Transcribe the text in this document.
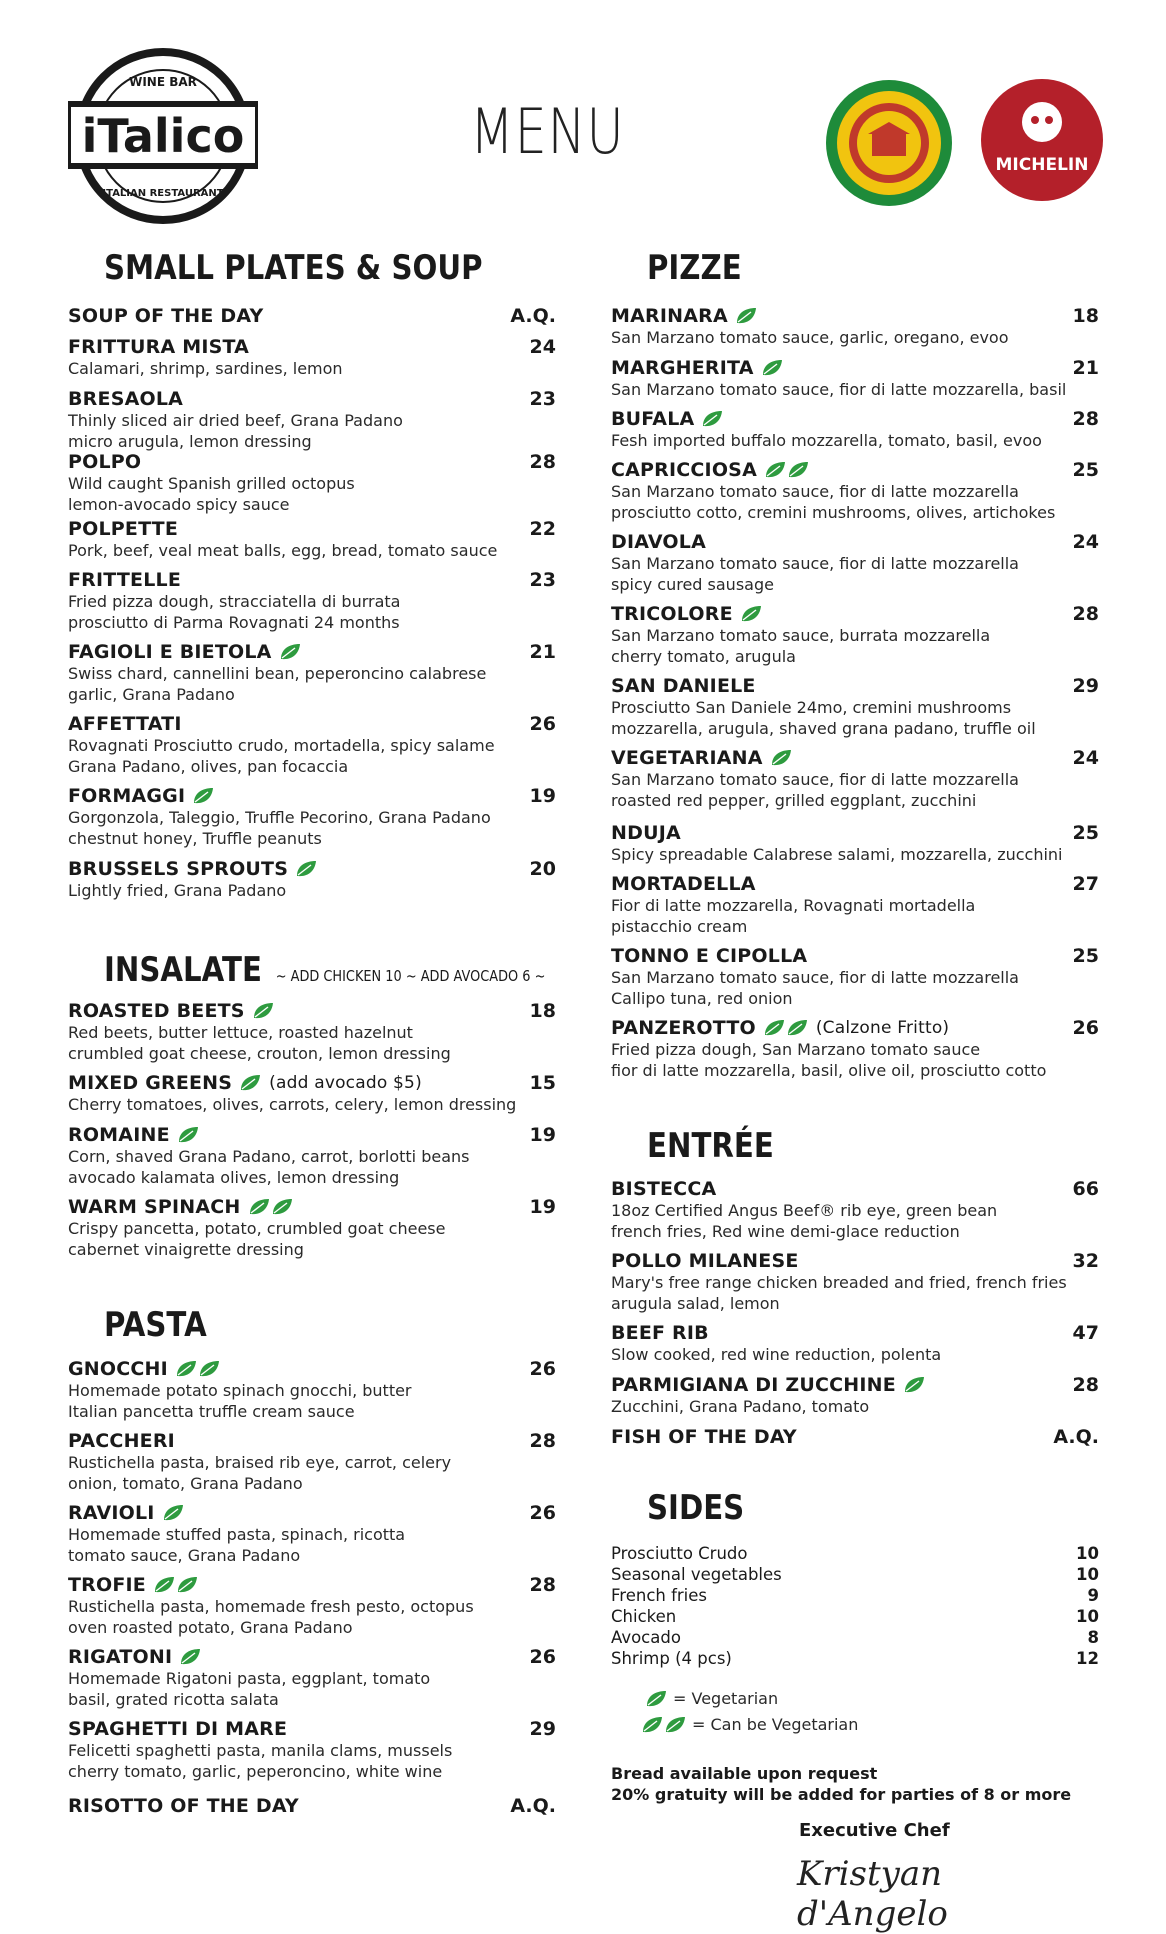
iTalico
WINE BAR
ITALIAN RESTAURANT
MENU	MICHELIN
SMALL PLATES & SOUP
SOUP OF THE DAY	A.Q.
FRITTURA MISTA	24
Calamari, shrimp, sardines, lemon
BRESAOLA	23
Thinly sliced air dried beef, Grana Padano
micro arugula, lemon dressing
POLPO	28
Wild caught Spanish grilled octopus
lemon-avocado spicy sauce
POLPETTE	22
Pork, beef, veal meat balls, egg, bread, tomato sauce
FRITTELLE	23
Fried pizza dough, stracciatella di burrata
prosciutto di Parma Rovagnati 24 months
FAGIOLI E BIETOLA	21
Swiss chard, cannellini bean, peperoncino calabrese
garlic, Grana Padano
AFFETTATI	26
Rovagnati Prosciutto crudo, mortadella, spicy salame
Grana Padano, olives, pan focaccia
FORMAGGI	19
Gorgonzola, Taleggio, Truffle Pecorino, Grana Padano
chestnut honey, Truffle peanuts
BRUSSELS SPROUTS	20
Lightly fried, Grana Padano
INSALATE ~ ADD CHICKEN 10 ~ ADD AVOCADO 6 ~
ROASTED BEETS	18
Red beets, butter lettuce, roasted hazelnut
crumbled goat cheese, crouton, lemon dressing
MIXED GREENS (add avocado $5)	15
Cherry tomatoes, olives, carrots, celery, lemon dressing
ROMAINE	19
Corn, shaved Grana Padano, carrot, borlotti beans
avocado kalamata olives, lemon dressing
WARM SPINACH	19
Crispy pancetta, potato, crumbled goat cheese
cabernet vinaigrette dressing
PASTA
GNOCCHI	26
Homemade potato spinach gnocchi, butter
Italian pancetta truffle cream sauce
PACCHERI	28
Rustichella pasta, braised rib eye, carrot, celery
onion, tomato, Grana Padano
RAVIOLI	26
Homemade stuffed pasta, spinach, ricotta
tomato sauce, Grana Padano
TROFIE	28
Rustichella pasta, homemade fresh pesto, octopus
oven roasted potato, Grana Padano
RIGATONI	26
Homemade Rigatoni pasta, eggplant, tomato
basil, grated ricotta salata
SPAGHETTI DI MARE	29
Felicetti spaghetti pasta, manila clams, mussels
cherry tomato, garlic, peperoncino, white wine
RISOTTO OF THE DAY	A.Q.
PIZZE
MARINARA	18
San Marzano tomato sauce, garlic, oregano, evoo
MARGHERITA	21
San Marzano tomato sauce, fior di latte mozzarella, basil
BUFALA	28
Fesh imported buffalo mozzarella, tomato, basil, evoo
CAPRICCIOSA	25
San Marzano tomato sauce, fior di latte mozzarella
prosciutto cotto, cremini mushrooms, olives, artichokes
DIAVOLA	24
San Marzano tomato sauce, fior di latte mozzarella
spicy cured sausage
TRICOLORE	28
San Marzano tomato sauce, burrata mozzarella
cherry tomato, arugula
SAN DANIELE	29
Prosciutto San Daniele 24mo, cremini mushrooms
mozzarella, arugula, shaved grana padano, truffle oil
VEGETARIANA	24
San Marzano tomato sauce, fior di latte mozzarella
roasted red pepper, grilled eggplant, zucchini
NDUJA	25
Spicy spreadable Calabrese salami, mozzarella, zucchini
MORTADELLA	27
Fior di latte mozzarella, Rovagnati mortadella
pistacchio cream
TONNO E CIPOLLA	25
San Marzano tomato sauce, fior di latte mozzarella
Callipo tuna, red onion
PANZEROTTO	(Calzone Fritto)	26
Fried pizza dough, San Marzano tomato sauce
fior di latte mozzarella, basil, olive oil, prosciutto cotto
ENTRÉE
BISTECCA	66
18oz Certified Angus Beef® rib eye, green bean
french fries, Red wine demi-glace reduction
POLLO MILANESE	32
Mary's free range chicken breaded and fried, french fries
arugula salad, lemon
BEEF RIB	47
Slow cooked, red wine reduction, polenta
PARMIGIANA DI ZUCCHINE	28
Zucchini, Grana Padano, tomato
FISH OF THE DAY	A.Q.
SIDES
Prosciutto Crudo	10
Seasonal vegetables	10
French fries	9
Chicken	10
Avocado	8
Shrimp (4 pcs)	12
= Vegetarian
= Can be Vegetarian
Bread available upon request
20% gratuity will be added for parties of 8 or more
Executive Chef
Kristyan d'Angelo
